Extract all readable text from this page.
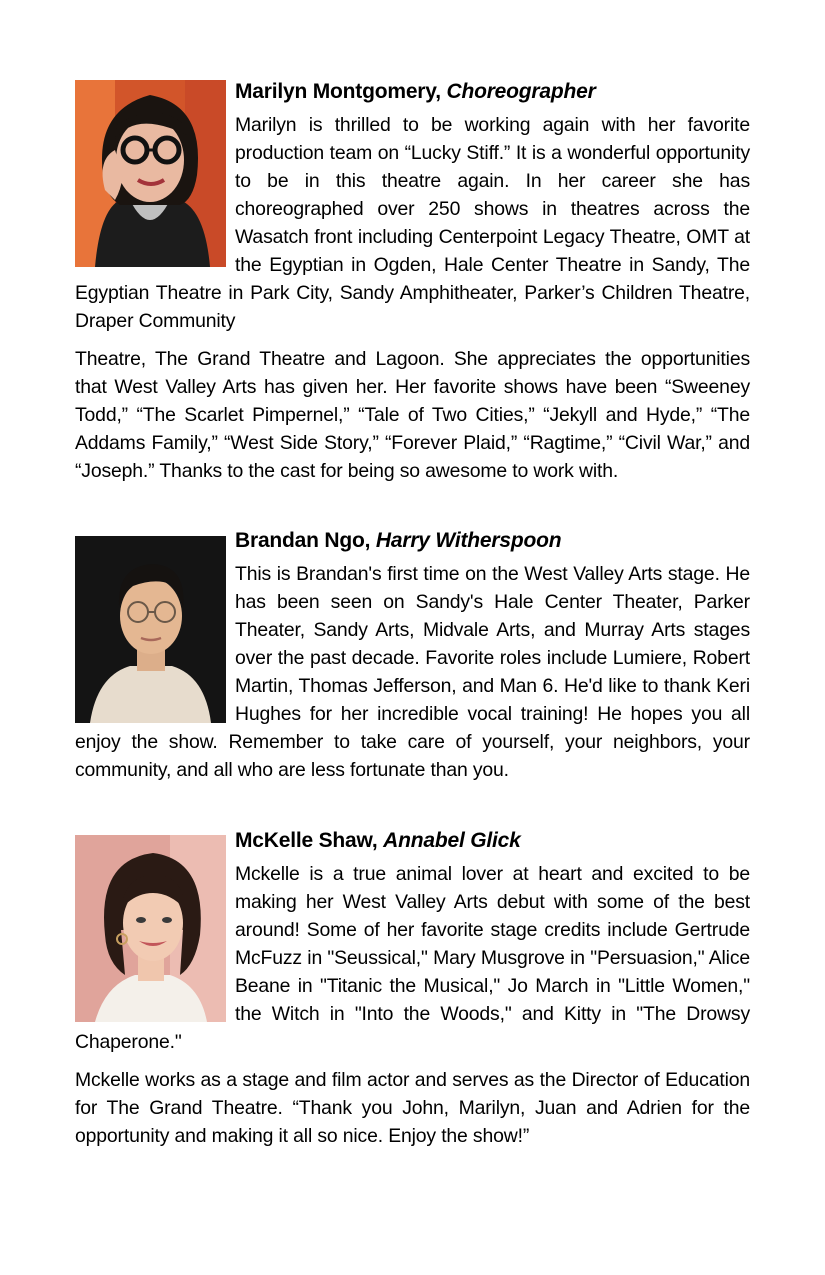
Marilyn Montgomery, Choreographer

Marilyn is thrilled to be working again with her favorite production team on “Lucky Stiff.” It is a wonderful opportunity to be in this theatre again. In her career she has choreographed over 250 shows in theatres across the Wasatch front including Centerpoint Legacy Theatre, OMT at the Egyptian in Ogden, Hale Center Theatre in Sandy, The Egyptian Theatre in Park City, Sandy Amphitheater, Parker’s Children Theatre, Draper Community

Theatre, The Grand Theatre and Lagoon. She appreciates the opportunities that West Valley Arts has given her. Her favorite shows have been “Sweeney Todd,” “The Scarlet Pimpernel,” “Tale of Two Cities,” “Jekyll and Hyde,” “The Addams Family,” “West Side Story,” “Forever Plaid,” “Ragtime,” “Civil War,” and “Joseph.” Thanks to the cast for being so awesome to work with.

Brandan Ngo, Harry Witherspoon

This is Brandan's first time on the West Valley Arts stage. He has been seen on Sandy's Hale Center Theater, Parker Theater, Sandy Arts, Midvale Arts, and Murray Arts stages over the past decade. Favorite roles include Lumiere, Robert Martin, Thomas Jefferson, and Man 6. He'd like to thank Keri Hughes for her incredible vocal training! He hopes you all enjoy the show. Remember to take care of yourself, your neighbors, your community, and all who are less fortunate than you.

McKelle Shaw, Annabel Glick

Mckelle is a true animal lover at heart and excited to be making her West Valley Arts debut with some of the best around! Some of her favorite stage credits include Gertrude McFuzz in "Seussical," Mary Musgrove in "Persuasion," Alice Beane in "Titanic the Musical," Jo March in "Little Women," the Witch in "Into the Woods," and Kitty in "The Drowsy Chaperone."

Mckelle works as a stage and film actor and serves as the Director of Education for The Grand Theatre. “Thank you John, Marilyn, Juan and Adrien for the opportunity and making it all so nice. Enjoy the show!”
